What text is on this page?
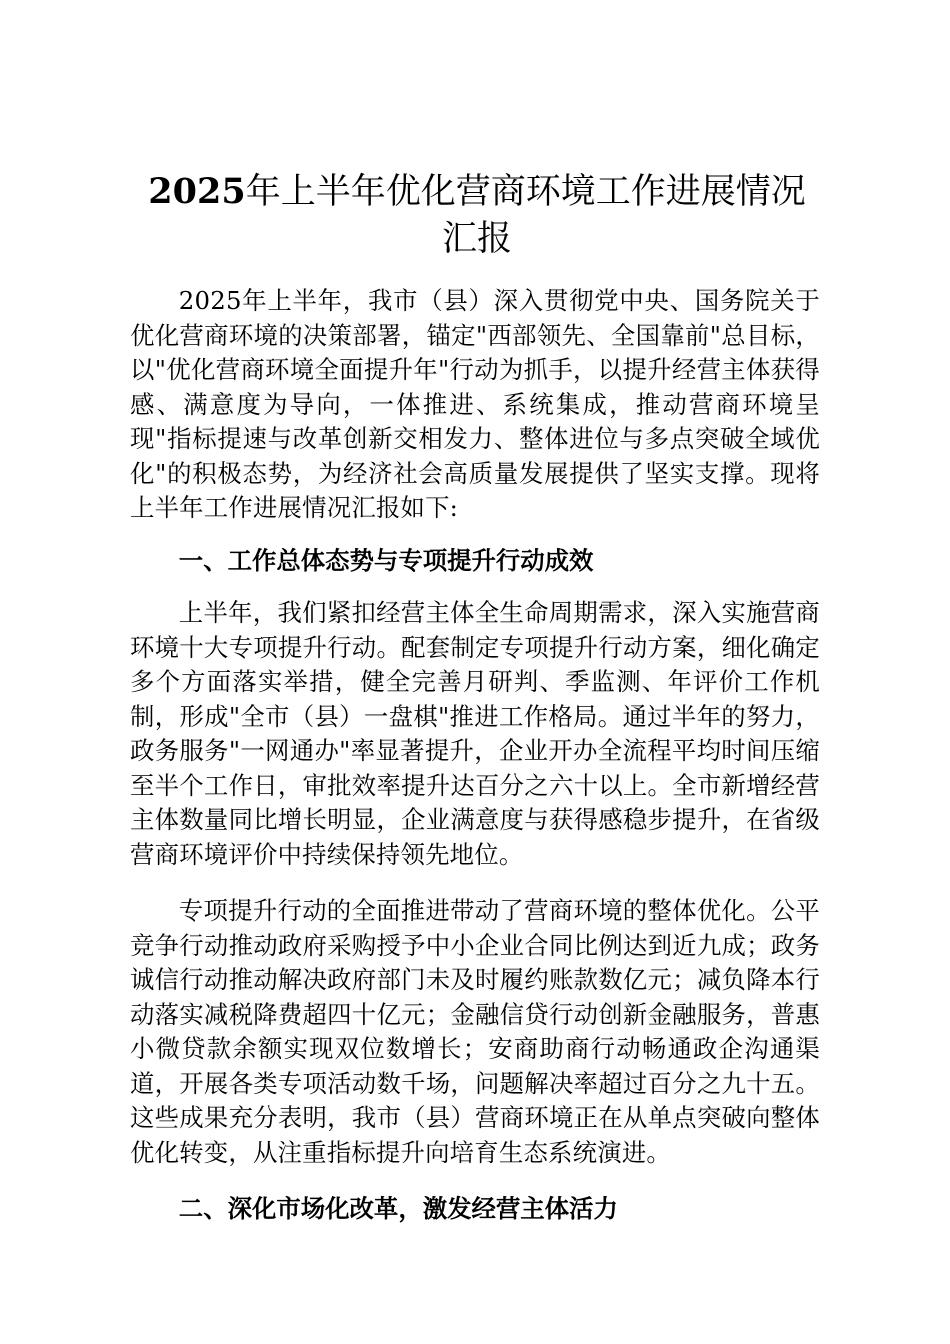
2025年上半年优化营商环境工作进展情况汇报

2025年上半年，我市（县）深入贯彻党中央、国务院关于优化营商环境的决策部署，锚定"西部领先、全国靠前"总目标，以"优化营商环境全面提升年"行动为抓手，以提升经营主体获得感、满意度为导向，一体推进、系统集成，推动营商环境呈现"指标提速与改革创新交相发力、整体进位与多点突破全域优化"的积极态势，为经济社会高质量发展提供了坚实支撑。现将上半年工作进展情况汇报如下:

一、工作总体态势与专项提升行动成效

上半年，我们紧扣经营主体全生命周期需求，深入实施营商环境十大专项提升行动。配套制定专项提升行动方案，细化确定多个方面落实举措，健全完善月研判、季监测、年评价工作机制，形成"全市（县）一盘棋"推进工作格局。通过半年的努力，政务服务"一网通办"率显著提升，企业开办全流程平均时间压缩至半个工作日，审批效率提升达百分之六十以上。全市新增经营主体数量同比增长明显，企业满意度与获得感稳步提升，在省级营商环境评价中持续保持领先地位。

专项提升行动的全面推进带动了营商环境的整体优化。公平竞争行动推动政府采购授予中小企业合同比例达到近九成；政务诚信行动推动解决政府部门未及时履约账款数亿元；减负降本行动落实减税降费超四十亿元；金融信贷行动创新金融服务，普惠小微贷款余额实现双位数增长；安商助商行动畅通政企沟通渠道，开展各类专项活动数千场，问题解决率超过百分之九十五。这些成果充分表明，我市（县）营商环境正在从单点突破向整体优化转变，从注重指标提升向培育生态系统演进。

二、深化市场化改革，激发经营主体活力
